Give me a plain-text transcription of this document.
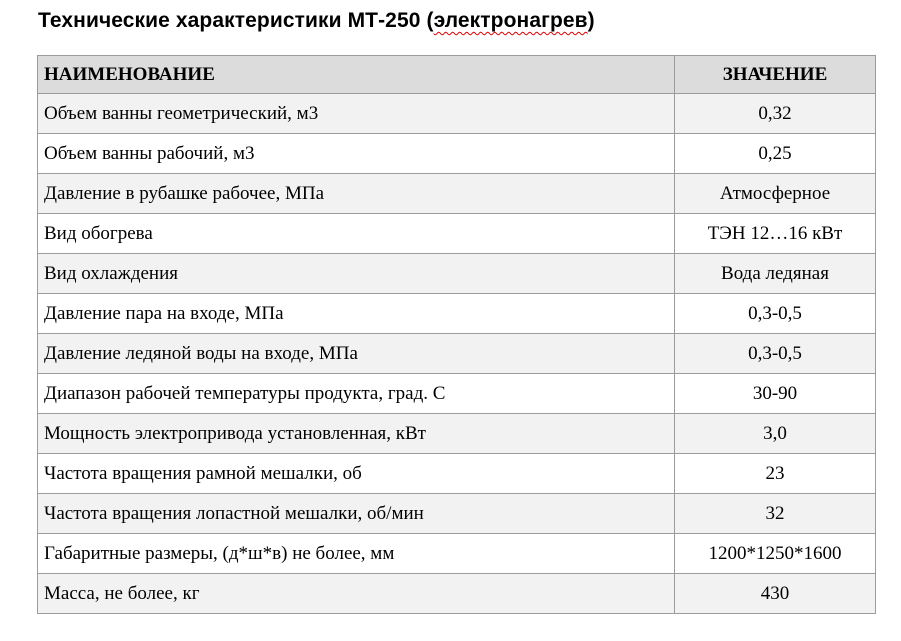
Технические характеристики МТ-250 (электронагрев)
НАИМЕНОВАНИЕ	ЗНАЧЕНИЕ
Объем ванны геометрический, м3	0,32
Объем ванны рабочий, м3	0,25
Давление в рубашке рабочее, МПа	Атмосферное
Вид обогрева	ТЭН 12…16 кВт
Вид охлаждения	Вода ледяная
Давление пара на входе, МПа	0,3-0,5
Давление ледяной воды на входе, МПа	0,3-0,5
Диапазон рабочей температуры продукта, град. С	30-90
Мощность электропривода установленная, кВт	3,0
Частота вращения рамной мешалки, об	23
Частота вращения лопастной мешалки, об/мин	32
Габаритные размеры, (д*ш*в) не более, мм	1200*1250*1600
Масса, не более, кг	430
